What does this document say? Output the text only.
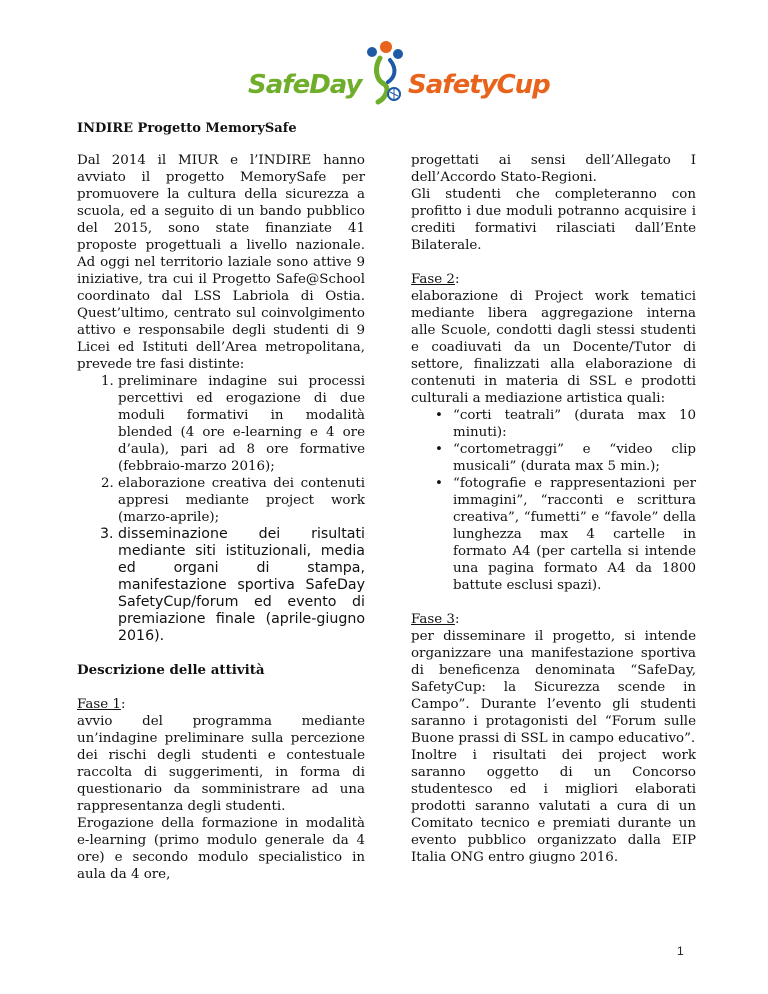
SafeDay SafetyCup
INDIRE Progetto MemorySafe

Dal 2014 il MIUR e l’INDIRE hanno avviato il progetto MemorySafe per promuovere la cultura della sicurezza a scuola, ed a seguito di un bando pubblico del 2015, sono state finanziate 41 proposte progettuali a livello nazionale. Ad oggi nel territorio laziale sono attive 9 iniziative, tra cui il Progetto Safe@School coordinato dal LSS Labriola di Ostia. Quest’ultimo, centrato sul coinvolgimento attivo e responsabile degli studenti di 9 Licei ed Istituti dell’Area metropolitana, prevede tre fasi distinte:

1. preliminare indagine sui processi percettivi ed erogazione di due moduli formativi in modalità blended (4 ore e-learning e 4 ore d’aula), pari ad 8 ore formative (febbraio-marzo 2016);
2. elaborazione creativa dei contenuti appresi mediante project work (marzo-aprile);
3. disseminazione dei risultati mediante siti istituzionali, media ed organi di stampa, manifestazione sportiva SafeDay SafetyCup/forum ed evento di premiazione finale (aprile-giugno 2016).

Descrizione delle attività

Fase 1:

avvio del programma mediante un’indagine preliminare sulla percezione dei rischi degli studenti e contestuale raccolta di suggerimenti, in forma di questionario da somministrare ad una rappresentanza degli studenti.

Erogazione della formazione in modalità e-learning (primo modulo generale da 4 ore) e secondo modulo specialistico in aula da 4 ore,

progettati ai sensi dell’Allegato I dell’Accordo Stato-Regioni.

Gli studenti che completeranno con profitto i due moduli potranno acquisire i crediti formativi rilasciati dall’Ente Bilaterale.

Fase 2:

elaborazione di Project work tematici mediante libera aggregazione interna alle Scuole, condotti dagli stessi studenti e coadiuvati da un Docente/Tutor di settore, finalizzati alla elaborazione di contenuti in materia di SSL e prodotti culturali a mediazione artistica quali:

• “corti teatrali” (durata max 10 minuti):
• “cortometraggi” e “video clip musicali” (durata max 5 min.);
• “fotografie e rappresentazioni per immagini”, “racconti e scrittura creativa”, “fumetti” e “favole” della lunghezza max 4 cartelle in formato A4 (per cartella si intende una pagina formato A4 da 1800 battute esclusi spazi).

Fase 3:

per disseminare il progetto, si intende organizzare una manifestazione sportiva di beneficenza denominata “SafeDay, SafetyCup: la Sicurezza scende in Campo”. Durante l’evento gli studenti saranno i protagonisti del “Forum sulle Buone prassi di SSL in campo educativo”.

Inoltre i risultati dei project work saranno oggetto di un Concorso studentesco ed i migliori elaborati prodotti saranno valutati a cura di un Comitato tecnico e premiati durante un evento pubblico organizzato dalla EIP Italia ONG entro giugno 2016.

1
